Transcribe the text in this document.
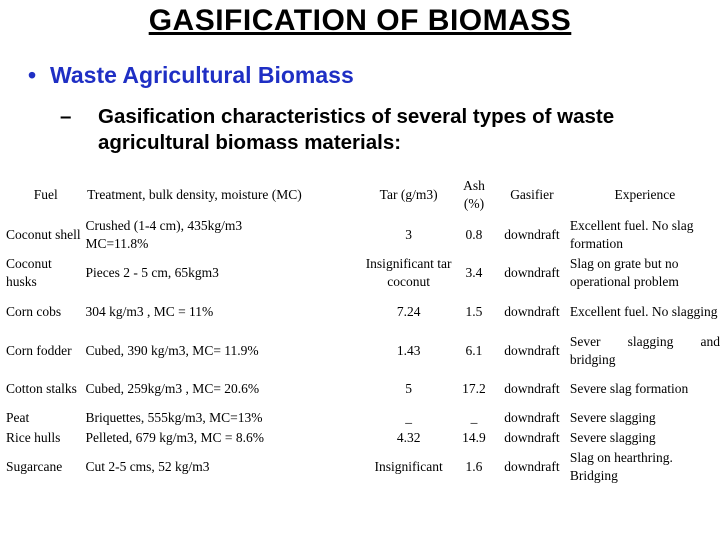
GASIFICATION OF BIOMASS
• Waste Agricultural Biomass
– Gasification characteristics of several types of waste agricultural biomass materials:
Fuel	Treatment, bulk density, moisture (MC)	Tar (g/m3)	Ash (%)	Gasifier	Experience
Coconut shell	Crushed (1-4 cm), 435kg/m3 MC=11.8%	3	0.8	downdraft	Excellent fuel. No slag formation
Coconut husks	Pieces 2 - 5 cm, 65kgm3	Insignificant tar coconut	3.4	downdraft	Slag on grate but no operational problem
Corn cobs	304 kg/m3 , MC = 11%	7.24	1.5	downdraft	Excellent fuel. No slagging
Corn fodder	Cubed, 390 kg/m3, MC= 11.9%	1.43	6.1	downdraft	Sever slagging and bridging
Cotton stalks	Cubed, 259kg/m3 , MC= 20.6%	5	17.2	downdraft	Severe slag formation
Peat	Briquettes, 555kg/m3, MC=13%	_	_	downdraft	Severe slagging
Rice hulls	Pelleted, 679 kg/m3, MC = 8.6%	4.32	14.9	downdraft	Severe slagging
Sugarcane	Cut 2-5 cms, 52 kg/m3	Insignificant	1.6	downdraft	Slag on hearthring. Bridging
